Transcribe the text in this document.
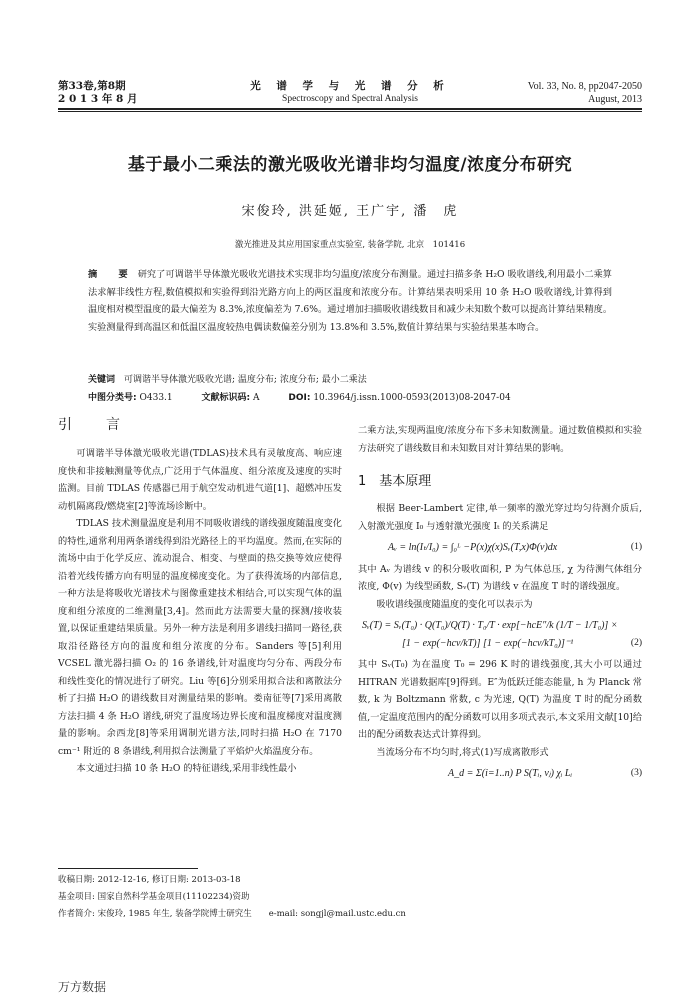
第33卷,第8期
2 0 1 3 年 8 月
光 谱 学 与 光 谱 分 析
Spectroscopy and Spectral Analysis
Vol. 33, No. 8, pp2047-2050
August, 2013
基于最小二乘法的激光吸收光谱非均匀温度/浓度分布研究
宋俊玲, 洪延姬, 王广宇, 潘　虎
激光推进及其应用国家重点实验室, 装备学院, 北京　101416
摘　要 研究了可调谐半导体激光吸收光谱技术实现非均匀温度/浓度分布测量。通过扫描多条 H₂O 吸收谱线,利用最小二乘算法求解非线性方程,数值模拟和实验得到沿光路方向上的两区温度和浓度分布。计算结果表明采用 10 条 H₂O 吸收谱线,计算得到温度相对模型温度的最大偏差为 8.3%,浓度偏差为 7.6%。通过增加扫描吸收谱线数目和减少未知数个数可以提高计算结果精度。实验测量得到高温区和低温区温度较热电偶读数偏差分别为 13.8%和 3.5%,数值计算结果与实验结果基本吻合。
关键词　 可调谐半导体激光吸收光谱; 温度分布; 浓度分布; 最小二乘法
中图分类号: O433.1	文献标识码: A	DOI: 10.3964/j.issn.1000-0593(2013)08-2047-04
引　言
可调谐半导体激光吸收光谱(TDLAS)技术具有灵敏度高、响应速度快和非接触测量等优点,广泛用于气体温度、组分浓度及速度的实时监测。目前 TDLAS 传感器已用于航空发动机进气道[1]、超燃冲压发动机隔离段/燃烧室[2]等流场诊断中。
TDLAS 技术测量温度是利用不同吸收谱线的谱线强度随温度变化的特性,通常利用两条谱线得到沿光路径上的平均温度。然而,在实际的流场中由于化学反应、流动混合、相变、与壁面的热交换等效应使得沿着光线传播方向有明显的温度梯度变化。为了获得流场的内部信息,一种方法是将吸收光谱技术与图像重建技术相结合,可以实现气体的温度和组分浓度的二维测量[3,4]。然而此方法需要大量的探测/接收装置,以保证重建结果质量。另外一种方法是利用多谱线扫描同一路径,获取沿径路径方向的温度和组分浓度的分布。Sanders 等[5]利用 VCSEL 激光器扫描 O₂ 的 16 条谱线,针对温度均匀分布、两段分布和线性变化的情况进行了研究。Liu 等[6]分别采用拟合法和离散法分析了扫描 H₂O 的谱线数目对测量结果的影响。娄南征等[7]采用离散方法扫描 4 条 H₂O 谱线,研究了温度场边界长度和温度梯度对温度测量的影响。余西龙[8]等采用调制光谱方法,同时扫描 H₂O 在 7170 cm⁻¹ 附近的 8 条谱线,利用拟合法测量了平焰炉火焰温度分布。
本文通过扫描 10 条 H₂O 的特征谱线,采用非线性最小
二乘方法,实现两温度/浓度分布下多未知数测量。通过数值模拟和实验方法研究了谱线数目和未知数目对计算结果的影响。
1　基本原理
根据 Beer-Lambert 定律,单一频率的激光穿过均匀待测介质后,入射激光强度 I₀ 与透射激光强度 Iₜ 的关系满足
Aᵥ = ln(Iₜ/I₀) = ∫₀ᴸ −P(x)χ(x)Sᵥ(T,x)Φ(v)dx	(1)
其中 Aᵥ 为谱线 v 的积分吸收面积, P 为气体总压, χ 为待测气体组分浓度, Φ(v) 为线型函数, Sᵥ(T) 为谱线 v 在温度 T 时的谱线强度。
吸收谱线强度随温度的变化可以表示为
Sᵥ(T) = Sᵥ(T₀) · Q(T₀)/Q(T) · T₀/T · exp[−hcE″/k (1/T − 1/T₀)] ×
[1 − exp(−hcv/kT)] [1 − exp(−hcv/kT₀)]⁻¹	(2)
其中 Sᵥ(T₀) 为在温度 T₀ = 296 K 时的谱线强度,其大小可以通过 HITRAN 光谱数据库[9]得到。E″为低跃迁能态能量, h 为 Planck 常数, k 为 Boltzmann 常数, c 为光速, Q(T) 为温度 T 时的配分函数值,一定温度范围内的配分函数可以用多项式表示,本文采用文献[10]给出的配分函数表达式计算得到。
当流场分布不均匀时,将式(1)写成离散形式
A_d = Σ(i=1..n) P S(Tᵢ, vⱼ) χᵢ Lᵢ	(3)
收稿日期: 2012-12-16, 修订日期: 2013-03-18
基金项目: 国家自然科学基金项目(11102234)资助
作者简介: 宋俊玲, 1985 年生, 装备学院博士研究生　　e-mail: songjl@mail.ustc.edu.cn
万方数据
